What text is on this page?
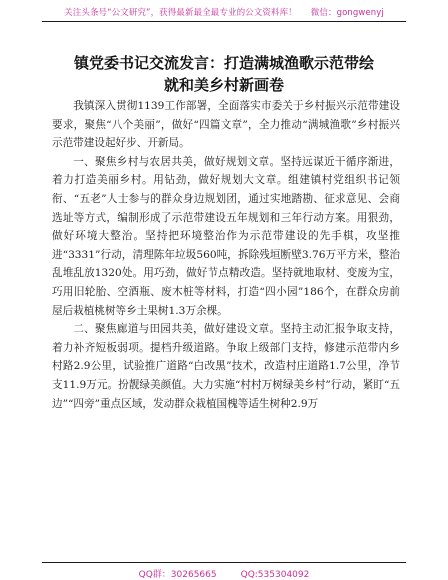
关注头条号“公文研究”，获得最新最全最专业的公文资料库！ 微信：gongwenyj
镇党委书记交流发言：打造满城渔歌示范带绘
就和美乡村新画卷

我镇深入贯彻1139工作部署，全面落实市委关于乡村振兴示范带建设要求，聚焦“八个美丽”，做好“四篇文章”，全力推动“满城渔歌”乡村振兴示范带建设起好步、开新局。

一、聚焦乡村与农居共美，做好规划文章。坚持远谋近干循序渐进，着力打造美丽乡村。用钻劲，做好规划大文章。组建镇村党组织书记领衔、“五老”人士参与的群众身边规划团，通过实地踏勘、征求意见、会商选址等方式，编制形成了示范带建设五年规划和三年行动方案。用狠劲，做好环境大整治。坚持把环境整治作为示范带建设的先手棋，攻坚推进“3331”行动，清理陈年垃圾560吨，拆除残垣断壁3.76万平方米，整治乱堆乱放1320处。用巧劲，做好节点精改造。坚持就地取材、变废为宝，巧用旧轮胎、空酒瓶、废木桩等材料，打造“四小园”186个，在群众房前屋后栽植桃树等乡土果树1.3万余棵。

二、聚焦廊道与田园共美，做好建设文章。坚持主动汇报争取支持，着力补齐短板弱项。提档升级道路。争取上级部门支持，修建示范带内乡村路2.9公里，试验推广道路“白改黑”技术，改造村庄道路1.7公里，净节支11.9万元。扮靓绿美颜值。大力实施“村村万树绿美乡村”行动，紧盯“五边”“四旁”重点区域，发动群众栽植国槐等适生树种2.9万

QQ群：30265665	QQ:535304092
